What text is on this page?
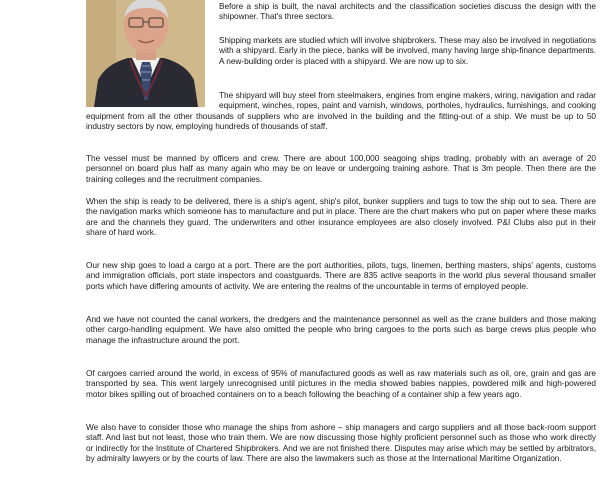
Before a ship is built, the naval architects and the classification societies discuss the design with the shipowner. That's three sectors.

Shipping markets are studied which will involve shipbrokers. These may also be involved in negotiations with a shipyard. Early in the piece, banks will be involved, many having large ship-finance departments. A new-building order is placed with a shipyard. We are now up to six.

The shipyard will buy steel from steelmakers, engines from engine makers, wiring, navigation and radar equipment, winches, ropes, paint and varnish, windows, portholes, hydraulics, furnishings, and cooking equipment from all the other thousands of suppliers who are involved in the building and the fitting-out of a ship. We must be up to 50 industry sectors by now, employing hundreds of thousands of staff.

The vessel must be manned by officers and crew. There are about 100,000 seagoing ships trading, probably with an average of 20 personnel on board plus half as many again who may be on leave or undergoing training ashore. That is 3m people. Then there are the training colleges and the recruitment companies.

When the ship is ready to be delivered, there is a ship's agent, ship's pilot, bunker suppliers and tugs to tow the ship out to sea. There are the navigation marks which someone has to manufacture and put in place. There are the chart makers who put on paper where these marks are and the channels they guard. The underwriters and other insurance employees are also closely involved. P&I Clubs also put in their share of hard work.

Our new ship goes to load a cargo at a port. There are the port authorities, pilots, tugs, linemen, berthing masters, ships' agents, customs and immigration officials, port state inspectors and coastguards. There are 835 active seaports in the world plus several thousand smaller ports which have differing amounts of activity. We are entering the realms of the uncountable in terms of employed people.

And we have not counted the canal workers, the dredgers and the maintenance personnel as well as the crane builders and those making other cargo-handling equipment. We have also omitted the people who bring cargoes to the ports such as barge crews plus people who manage the infrastructure around the port.

Of cargoes carried around the world, in excess of 95% of manufactured goods as well as raw materials such as oil, ore, grain and gas are transported by sea. This went largely unrecognised until pictures in the media showed babies nappies, powdered milk and high-powered motor bikes spilling out of broached containers on to a beach following the beaching of a container ship a few years ago.

We also have to consider those who manage the ships from ashore – ship managers and cargo suppliers and all those back-room support staff. And last but not least, those who train them. We are now discussing those highly proficient personnel such as those who work directly or indirectly for the Institute of Chartered Shipbrokers. And we are not finished there. Disputes may arise which may be settled by arbitrators, by admiralty lawyers or by the courts of law. There are also the lawmakers such as those at the International Maritime Organization.
